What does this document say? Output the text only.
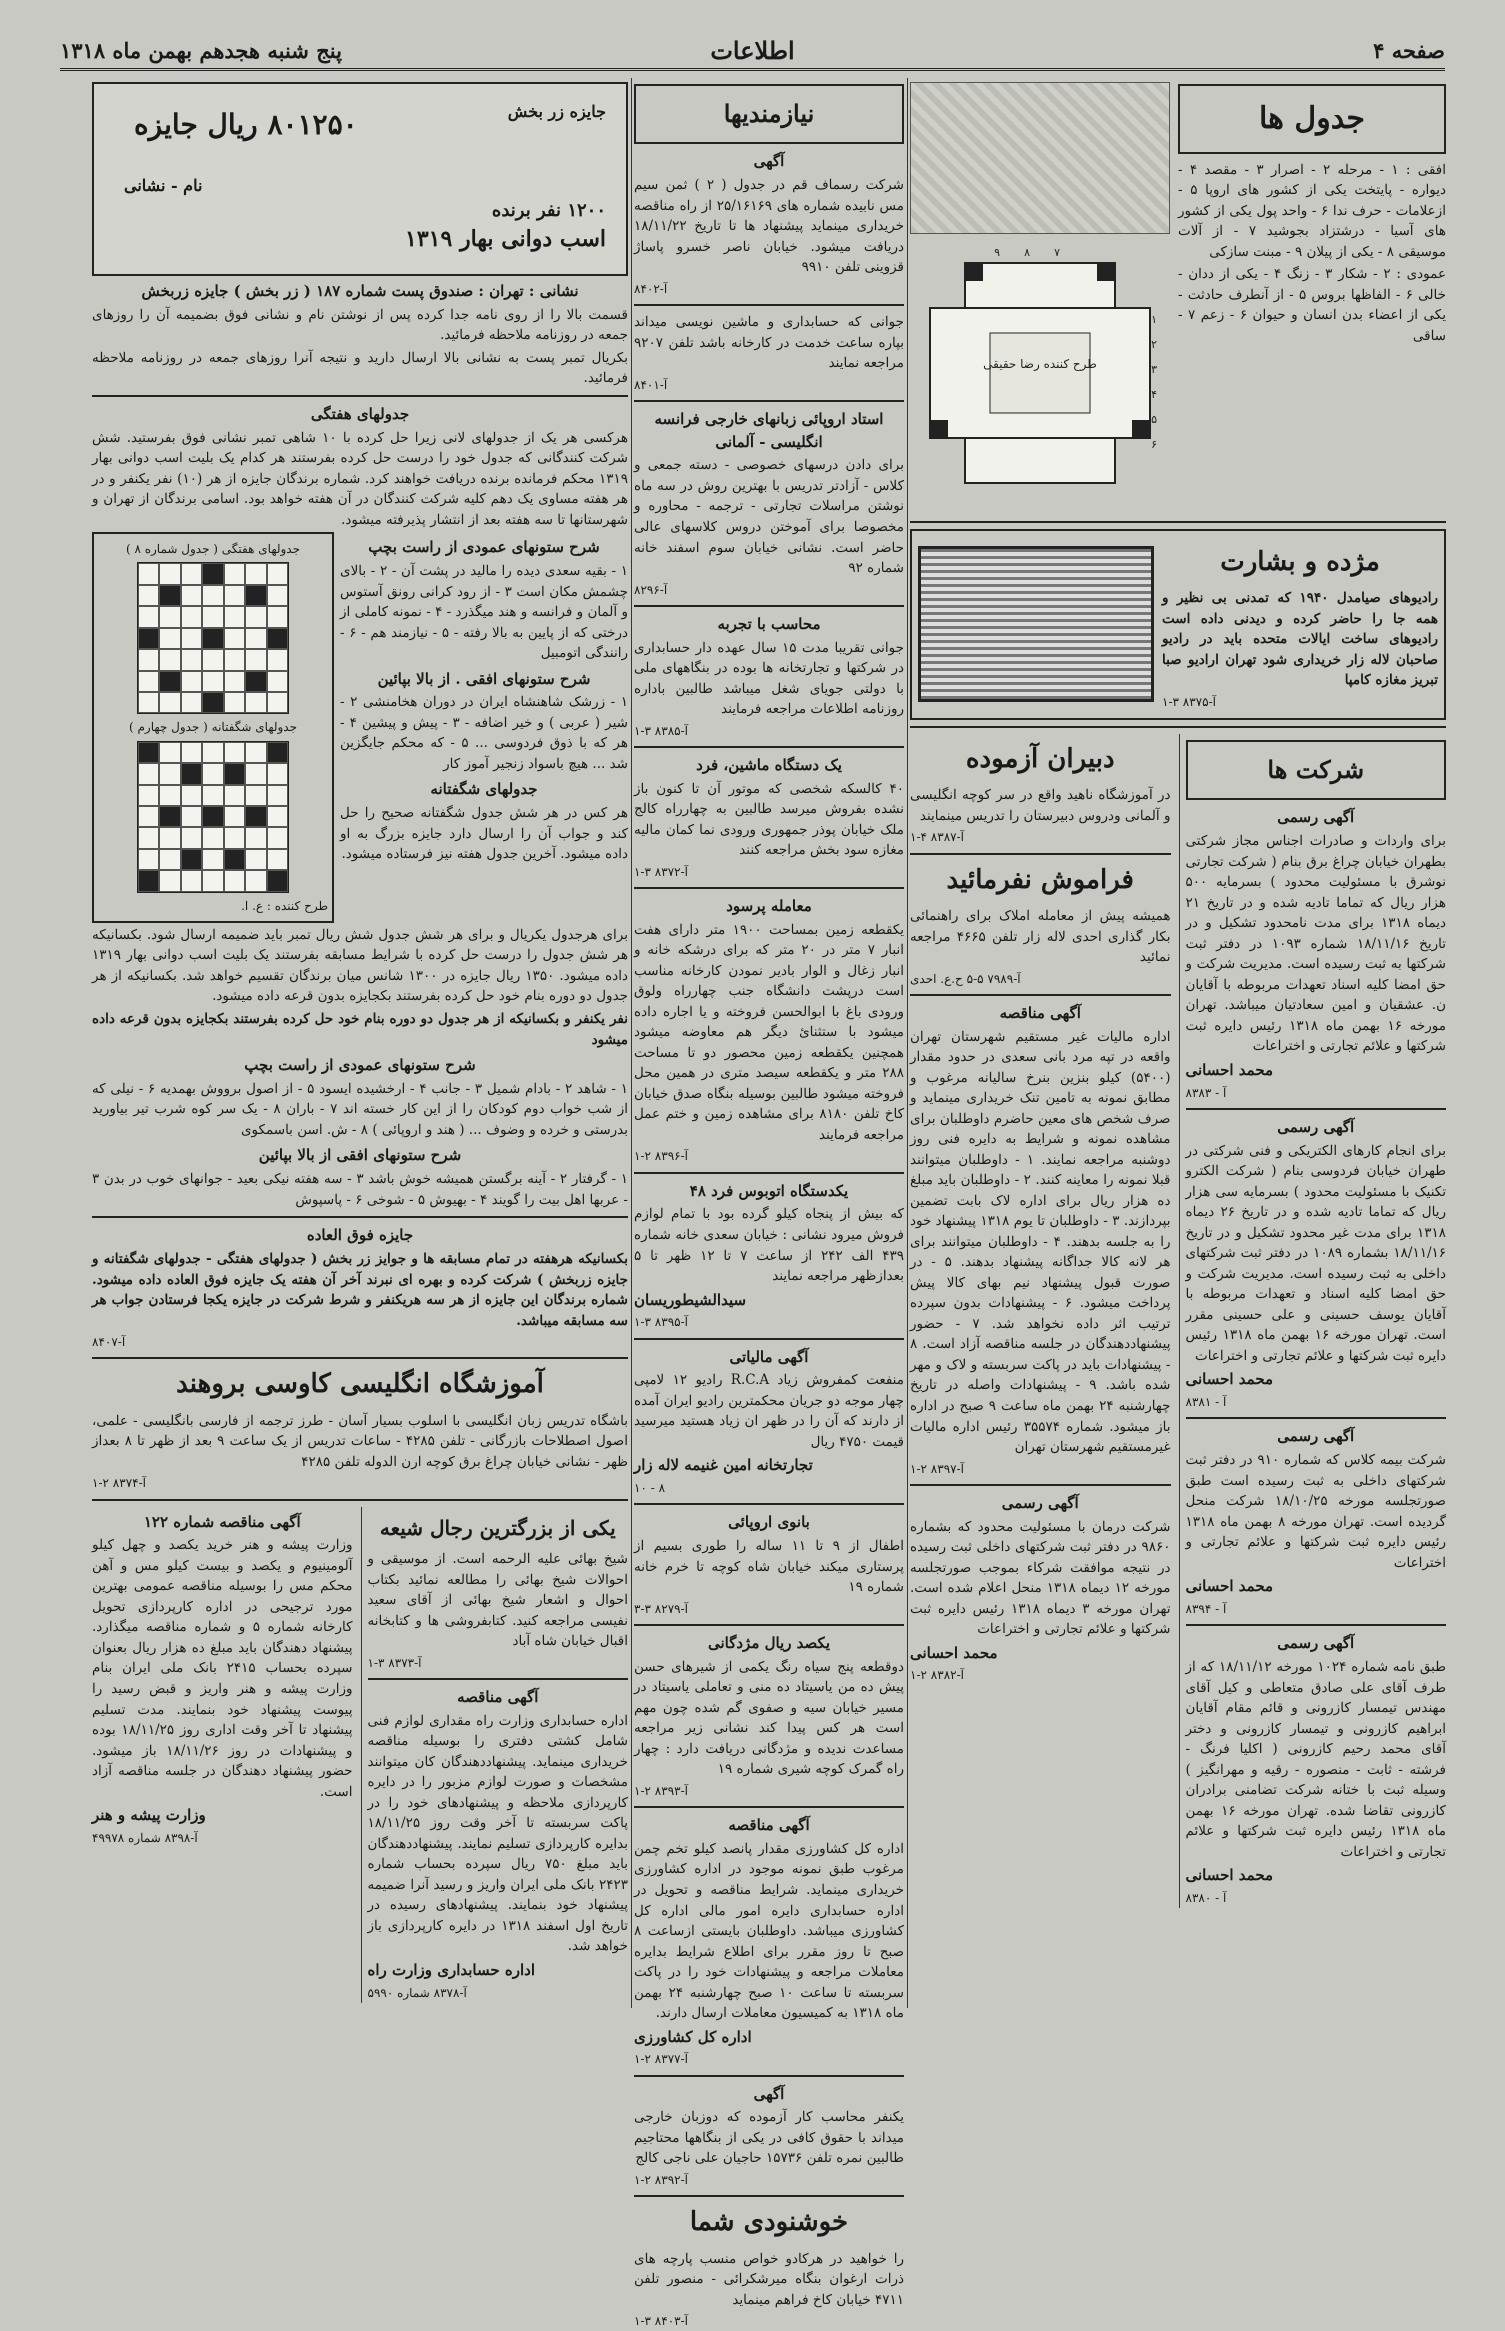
صفحه ۴
اطلاعات
پنج شنبه هجدهم بهمن ماه ۱۳۱۸
جدول ها

افقی : ۱ - مرحله ۲ - اصرار ۳ - مقصد ۴ - دیواره - پایتخت یکی از کشور های اروپا ۵ - ازعلامات - حرف ندا ۶ - واحد پول یکی از کشور های آسیا - درشتزاد بجوشید ۷ - از آلات موسیقی ۸ - یکی از پیلان ۹ - مبنت سازکی

عمودی : ۲ - شکار ۳ - زنگ ۴ - یکی از ددان - خالی ۶ - الفاظها بروس ۵ - از آنطرف حادثت - یکی از اعضاء بدن انسان و حیوان ۶ - زعم ۷ - ساقی

طرح کننده رضا حقیقی
۱
۲
۳
۴
۵
۶
۷
۸
۹
مژده و بشارت

رادیوهای صیامدل ۱۹۴۰ که تمدنی بی نظیر و همه جا را حاضر کرده و دیدنی داده است رادیوهای ساخت ایالات متحده باید در رادیو صاحبان لاله زار خریداری شود تهران ارادیو صبا تبریز مغازه کامپا

آ-۸۳۷۵ ۳-۱

شرکت ها
آگهی رسمی

برای واردات و صادرات اجناس مجاز شرکتی بطهران خیابان چراغ برق بنام ( شرکت تجارتی نوشرق با مسئولیت محدود ) بسرمایه ۵۰۰ هزار ریال که تماما تادیه شده و در تاریخ ۲۱ دیماه ۱۳۱۸ برای مدت نامحدود تشکیل و در تاریخ ۱۸/۱۱/۱۶ شماره ۱۰۹۳ در دفتر ثبت شرکتها به ثبت رسیده است. مدیریت شرکت و حق امضا کلیه اسناد تعهدات مربوطه با آقایان ن. عشقیان و امین سعادتیان میباشد. تهران مورخه ۱۶ بهمن ماه ۱۳۱۸ رئیس دایره ثبت شرکتها و علائم تجارتی و اختراعات

محمد احسانی

آ - ۸۳۸۳

آگهی رسمی

برای انجام کارهای الکتریکی و فنی شرکتی در طهران خیابان فردوسی بنام ( شرکت الکترو تکنیک با مسئولیت محدود ) بسرمایه سی هزار ریال که تماما تادیه شده و در تاریخ ۲۶ دیماه ۱۳۱۸ برای مدت غیر محدود تشکیل و در تاریخ ۱۸/۱۱/۱۶ بشماره ۱۰۸۹ در دفتر ثبت شرکتهای داخلی به ثبت رسیده است. مدیریت شرکت و حق امضا کلیه اسناد و تعهدات مربوطه با آقایان یوسف حسینی و علی حسینی مقرر است. تهران مورخه ۱۶ بهمن ماه ۱۳۱۸ رئیس دایره ثبت شرکتها و علائم تجارتی و اختراعات

محمد احسانی

آ - ۸۳۸۱

آگهی رسمی

شرکت بیمه کلاس که شماره ۹۱۰ در دفتر ثبت شرکتهای داخلی به ثبت رسیده است طبق صورتجلسه مورخه ۱۸/۱۰/۲۵ شرکت منحل گردیده است. تهران مورخه ۸ بهمن ماه ۱۳۱۸ رئیس دایره ثبت شرکتها و علائم تجارتی و اختراعات

محمد احسانی

آ - ۸۳۹۴

آگهی رسمی

طبق نامه شماره ۱۰۲۴ مورخه ۱۸/۱۱/۱۲ که از طرف آقای علی صادق متعاطی و کیل آقای مهندس تیمسار کازرونی و قائم مقام آقایان ابراهیم کازرونی و تیمسار کازرونی و دختر آقای محمد رحیم کازرونی ( اکلیا فرنگ - فرشته - ثابت - منصوره - رقیه و مهرانگیز ) وسیله ثبت با ختانه شرکت تضامنی برادران کازرونی تقاضا شده. تهران مورخه ۱۶ بهمن ماه ۱۳۱۸ رئیس دایره ثبت شرکتها و علائم تجارتی و اختراعات

محمد احسانی

آ - ۸۳۸۰

دبیران آزموده

در آموزشگاه ناهید واقع در سر کوچه انگلیسی و آلمانی ودروس دبیرستان را تدریس مینمایند

آ-۸۳۸۷ ۴-۱

فراموش نفرمائید

همیشه پیش از معامله املاک برای راهنمائی بکار گذاری احدی لاله زار تلفن ۴۶۶۵ مراجعه نمائید

آ-۷۹۸۹ ۵-۵ ح.ع. احدی

آگهی مناقصه

اداره مالیات غیر مستقیم شهرستان تهران واقعه در تپه مرد بانی سعدی در حدود مقدار (۵۴۰۰) کیلو بنزین بنرخ سالیانه مرغوب و مطابق نمونه به تامین تنک خریداری مینماید و صرف شخص های معین حاضرم داوطلبان برای مشاهده نمونه و شرایط به دایره فنی روز دوشنبه مراجعه نمایند. ۱ - داوطلبان میتوانند قبلا نمونه را معاینه کنند. ۲ - داوطلبان باید مبلغ ده هزار ریال برای اداره لاک بابت تضمین بپردازند. ۳ - داوطلبان تا یوم ۱۳۱۸ پیشنهاد خود را به جلسه بدهند. ۴ - داوطلبان میتوانند برای هر لانه کالا جداگانه پیشنهاد بدهند. ۵ - در صورت قبول پیشنهاد نیم بهای کالا پیش پرداخت میشود. ۶ - پیشنهادات بدون سپرده ترتیب اثر داده نخواهد شد. ۷ - حضور پیشنهاددهندگان در جلسه مناقصه آزاد است. ۸ - پیشنهادات باید در پاکت سربسته و لاک و مهر شده باشد. ۹ - پیشنهادات واصله در تاریخ چهارشنبه ۲۴ بهمن ماه ساعت ۹ صبح در اداره باز میشود. شماره ۳۵۵۷۴ رئیس اداره مالیات غیرمستقیم شهرستان تهران

آ-۸۳۹۷ ۲-۱

آگهی رسمی

شرکت درمان با مسئولیت محدود که بشماره ۹۸۶۰ در دفتر ثبت شرکتهای داخلی ثبت رسیده در نتیجه موافقت شرکاء بموجب صورتجلسه مورخه ۱۲ دیماه ۱۳۱۸ منحل اعلام شده است. تهران مورخه ۳ دیماه ۱۳۱۸ رئیس دایره ثبت شرکتها و علائم تجارتی و اختراعات

محمد احسانی

آ-۸۳۸۲ ۲-۱

نیازمندیها
آگهی

شرکت رسماف قم در جدول ( ۲ ) ثمن سیم مس نابیده شماره های ۲۵/۱۶۱۶۹ از راه مناقصه خریداری مینماید پیشنهاد ها تا تاریخ ۱۸/۱۱/۲۲ دریافت میشود. خیابان ناصر خسرو پاساژ قزوینی تلفن ۹۹۱۰

آ-۸۴۰۲

جوانی که حسابداری و ماشین نویسی میداند بپاره ساعت خدمت در کارخانه باشد تلفن ۹۲۰۷ مراجعه نمایند

آ-۸۴۰۱

استاد اروپائی زبانهای خارجی فرانسه انگلیسی - آلمانی

برای دادن درسهای خصوصی - دسته جمعی و کلاس - آزادتر تدریس با بهترین روش در سه ماه نوشتن مراسلات تجارتی - ترجمه - محاوره و مخصوصا برای آموختن دروس کلاسهای عالی حاضر است. نشانی خیابان سوم اسفند خانه شماره ۹۲

آ-۸۲۹۶

محاسب با تجربه

جوانی تقریبا مدت ۱۵ سال عهده دار حسابداری در شرکتها و تجارتخانه ها بوده در بنگاههای ملی با دولتی جویای شغل میباشد طالبین باداره روزنامه اطلاعات مراجعه فرمایند

آ-۸۳۸۵ ۳-۱

یک دستگاه ماشین، فرد

۴۰ کالسکه شخصی که موتور آن تا کنون باز نشده بفروش میرسد طالبین به چهارراه کالج ملک خیابان پوذر جمهوری ورودی نما کمان مالیه مغازه سود بخش مراجعه کنند

آ-۸۳۷۲ ۳-۱

معامله پرسود

یکقطعه زمین بمساحت ۱۹۰۰ متر دارای هفت انبار ۷ متر در ۲۰ متر که برای درشکه خانه و انبار زغال و الوار بادیر نمودن کارخانه مناسب است درپشت دانشگاه جنب چهارراه ولوق ورودی باغ با ابوالحسن فروخته و یا اجاره داده میشود با ستثنائ دیگر هم معاوضه میشود همچنین یکقطعه زمین محصور دو تا مساحت ۲۸۸ متر و یکقطعه سیصد متری در همین محل فروخته میشود طالبین بوسیله بنگاه صدق خیابان کاخ تلفن ۸۱۸۰ برای مشاهده زمین و ختم عمل مراجعه فرمایند

آ-۸۳۹۶ ۲-۱

یکدستگاه اتوبوس فرد ۴۸

که بیش از پنجاه کیلو گرده بود با تمام لوازم فروش میرود نشانی : خیابان سعدی خانه شماره ۴۳۹ الف ۲۴۲ از ساعت ۷ تا ۱۲ ظهر تا ۵ بعدازظهر مراجعه نمایند

سیدالشیطوریسان

آ-۸۳۹۵ ۳-۱

آگهی مالیاتی

منفعت کمفروش زیاد R.C.A رادیو ۱۲ لامپی چهار موجه دو جریان محکمترین رادیو ایران آمده از دارند که آن را در ظهر ان زیاد هستید میرسید قیمت ۴۷۵۰ ریال

تجارتخانه امین غنیمه لاله زار

۱۰ - ۸

بانوی اروپائی

اطفال از ۹ تا ۱۱ ساله را طوری بسیم از پرستاری میکند خیابان شاه کوچه تا خرم خانه شماره ۱۹

آ-۸۲۷۹ ۳-۳

یکصد ریال مژدگانی

دوقطعه پنج سیاه رنگ یکمی از شیرهای حسن پیش ده من یاسیتاد ده منی و تعاملی یاسیتاد در مسیر خیابان سیه و صفوی گم شده چون مهم است هر کس پیدا کند نشانی زیر مراجعه مساعدت ندیده و مژدگانی دریافت دارد : چهار راه گمرک کوچه شیری شماره ۱۹

آ-۸۳۹۳ ۲-۱

آگهی مناقصه

اداره کل کشاورزی مقدار پانصد کیلو تخم چمن مرغوب طبق نمونه موجود در اداره کشاورزی خریداری مینماید. شرایط مناقصه و تحویل در اداره حسابداری دایره امور مالی اداره کل کشاورزی میباشد. داوطلبان بایستی ازساعت ۸ صبح تا روز مقرر برای اطلاع شرایط بدایره معاملات مراجعه و پیشنهادات خود را در پاکت سربسته تا ساعت ۱۰ صبح چهارشنبه ۲۴ بهمن ماه ۱۳۱۸ به کمیسیون معاملات ارسال دارند.

اداره کل کشاورزی

آ-۸۳۷۷ ۲-۱

آگهی

یکنفر محاسب کار آزموده که دوزبان خارجی میداند با حقوق کافی در یکی از بنگاهها محتاجیم طالبین نمره تلفن ۱۵۷۳۶ حاجیان علی ناجی کالج

آ-۸۳۹۲ ۲-۱

خوشنودی شما

را خواهید در هرکادو خواص منسب پارچه های ذرات ارغوان بنگاه میرشکرائی - منصور تلفن ۴۷۱۱ خیابان کاخ فراهم مینماید

آ-۸۴۰۳ ۳-۱

۸۰۱۲۵۰ ریال جایزه
۱۲۰۰ نفر برنده
اسب دوانی بهار ۱۳۱۹
جایزه زر بخش
نام - نشانی
نشانی : تهران : صندوق پست شماره ۱۸۷ ( زر بخش ) جایزه زربخش

قسمت بالا را از روی نامه جدا کرده پس از نوشتن نام و نشانی فوق بضمیمه آن را روزهای جمعه در روزنامه ملاحظه فرمائید.

بکریال تمبر پست به نشانی بالا ارسال دارید و نتیجه آنرا روزهای جمعه در روزنامه ملاحظه فرمائید.

جدولهای هفتگی

هرکسی هر یک از جدولهای لانی زیرا حل کرده با ۱۰ شاهی تمبر نشانی فوق بفرستید. شش شرکت کنندگانی که جدول خود را درست حل کرده بفرستند هر کدام یک بلیت اسب دوانی بهار ۱۳۱۹ محکم فرمانده برنده دریافت خواهند کرد. شماره برندگان جایزه از هر (۱۰) نفر یکنفر و در هر هفته مساوی یک دهم کلیه شرکت کنندگان در آن هفته خواهد بود. اسامی برندگان از تهران و شهرستانها تا سه هفته بعد از انتشار پذیرفته میشود.

شرح ستونهای عمودی از راست بچپ

۱ - بقیه سعدی دیده را مالید در پشت آن - ۲ - بالای چشمش مکان است ۳ - از رود کرانی رونق آستوس و آلمان و فرانسه و هند میگذرد - ۴ - نمونه کاملی از درختی که از پایین به بالا رفته - ۵ - نیازمند هم - ۶ - رانندگی اتومبیل

شرح ستونهای افقی . از بالا بپائین

۱ - زرشک شاهنشاه ایران در دوران هخامنشی ۲ - شیر ( عربی ) و خیر اضافه - ۳ - پیش و پیشین ۴ - هر که با ذوق فردوسی ... ۵ - که محکم جایگزین شد ... هیچ باسواد زنجیر آموز کار

جدولهای شگفتانه

هر کس در هر شش جدول شگفتانه صحیح را حل کند و جواب آن را ارسال دارد جایزه بزرگ به او داده میشود. آخرین جدول هفته نیز فرستاده میشود.

جدولهای هفتگی ( جدول شماره ۸ )

جدولهای شگفتانه ( جدول چهارم )

طرح کننده : ع. ا.

برای هرجدول یکریال و برای هر شش جدول شش ریال تمبر باید ضمیمه ارسال شود. بکسانیکه هر شش جدول را درست حل کرده با شرایط مسابقه بفرستند یک بلیت اسب دوانی بهار ۱۳۱۹ داده میشود. ۱۳۵۰ ریال جایزه در ۱۳۰۰ شانس میان برندگان تقسیم خواهد شد. بکسانیکه از هر جدول دو دوره بنام خود حل کرده بفرستند بکجایزه بدون قرعه داده میشود.

نفر یکنفر و بکسانیکه از هر جدول دو دوره بنام خود حل کرده بفرستند بکجایزه بدون قرعه داده میشود

شرح ستونهای عمودی از راست بچپ

۱ - شاهد ۲ - بادام شمیل ۳ - جانب ۴ - ارخشیده ایسود ۵ - از اصول برووش بهمدیه ۶ - نیلی که از شب خواب دوم کودکان را از این کار خسته اند ۷ - باران ۸ - یک سر کوه شرب تیر بیاورید بدرستی و خرده و وضوف ... ( هند و اروپائی ) ۸ - ش. اسن باسمکوی

شرح ستونهای افقی از بالا بپائین

۱ - گرفتار ۲ - آینه برگستن همیشه خوش باشد ۳ - سه هفته نیکی بعید - جوانهای خوب در بدن ۳ - عربها اهل بیت را گویند ۴ - بهیوش ۵ - شوخی ۶ - پاسپوش

جایزه فوق العاده

بکسانیکه هرهفته در تمام مسابقه ها و جوایز زر بخش ( جدولهای هفتگی - جدولهای شگفتانه و جایزه زربخش ) شرکت کرده و بهره ای نبرند آخر آن هفته یک جایزه فوق العاده داده میشود. شماره برندگان این جایزه از هر سه هریکنفر و شرط شرکت در جایزه یکجا فرستادن جواب هر سه مسابقه میباشد.

آ-۸۴۰۷

آموزشگاه انگلیسی کاوسی بروهند

باشگاه تدریس زبان انگلیسی با اسلوب بسیار آسان - طرز ترجمه از فارسی بانگلیسی - علمی، اصول اصطلاحات بازرگانی - تلفن ۴۲۸۵ - ساعات تدریس از یک ساعت ۹ بعد از ظهر تا ۸ بعداز ظهر - نشانی خیابان چراغ برق کوچه ارن الدوله تلفن ۴۲۸۵

آ-۸۳۷۴ ۲-۱

یکی از بزرگترین رجال شیعه

شیخ بهائی علیه الرحمه است. از موسیقی و احوالات شیخ بهائی را مطالعه نمائید بکتاب احوال و اشعار شیخ بهائی از آقای سعید نفیسی مراجعه کنید. کتابفروشی ها و کتابخانه اقبال خیابان شاه آباد

آ-۸۳۷۳ ۳-۱

آگهی مناقصه

اداره حسابداری وزارت راه مقداری لوازم فنی شامل کشتی دفتری را بوسیله مناقصه خریداری مینماید. پیشنهاددهندگان کان میتوانند مشخصات و صورت لوازم مزبور را در دایره کارپردازی ملاحظه و پیشنهادهای خود را در پاکت سربسته تا آخر وقت روز ۱۸/۱۱/۲۵ بدایره کارپردازی تسلیم نمایند. پیشنهاددهندگان باید مبلغ ۷۵۰ ریال سپرده بحساب شماره ۲۴۲۳ بانک ملی ایران واریز و رسید آنرا ضمیمه پیشنهاد خود بنمایند. پیشنهادهای رسیده در تاریخ اول اسفند ۱۳۱۸ در دایره کارپردازی باز خواهد شد.

اداره حسابداری وزارت راه

آ-۸۳۷۸ شماره ۵۹۹۰

آگهی مناقصه شماره ۱۲۲

وزارت پیشه و هنر خرید یکصد و چهل کیلو آلومینیوم و یکصد و بیست کیلو مس و آهن محکم مس را بوسیله مناقصه عمومی بهترین مورد ترجیحی در اداره کارپردازی تحویل کارخانه شماره ۵ و شماره مناقصه میگذارد. پیشنهاد دهندگان باید مبلغ ده هزار ریال بعنوان سپرده بحساب ۲۴۱۵ بانک ملی ایران بنام وزارت پیشه و هنر واریز و قبض رسید را پیوست پیشنهاد خود بنمایند. مدت تسلیم پیشنهاد تا آخر وقت اداری روز ۱۸/۱۱/۲۵ بوده و پیشنهادات در روز ۱۸/۱۱/۲۶ باز میشود. حضور پیشنهاد دهندگان در جلسه مناقصه آزاد است.

وزارت پیشه و هنر

آ-۸۳۹۸ شماره ۴۹۹۷۸
